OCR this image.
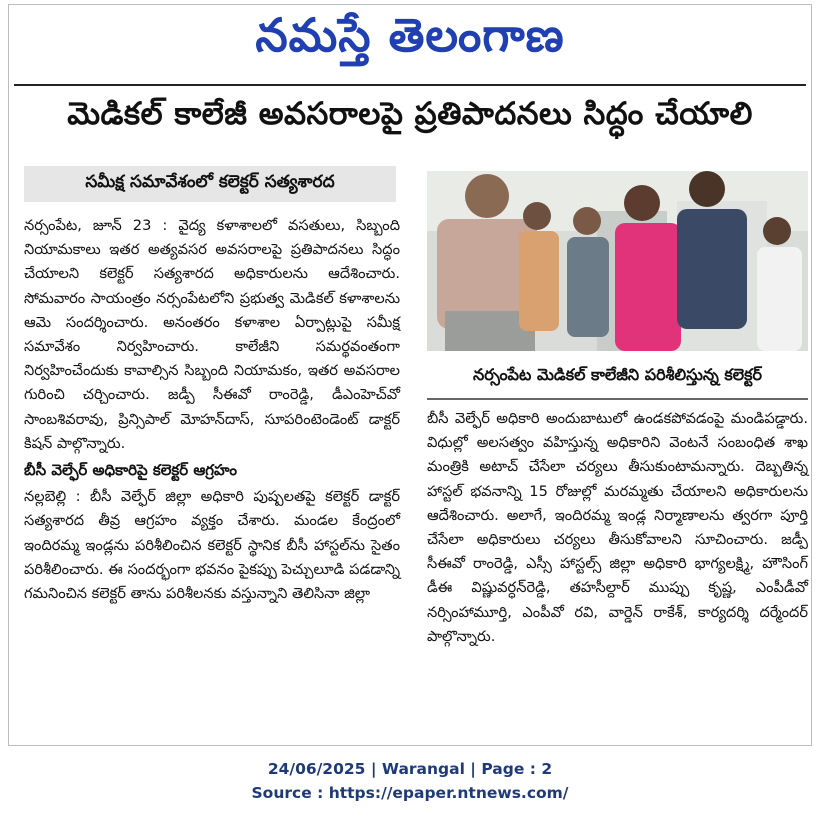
నమస్తే తెలంగాణ
మెడికల్ కాలేజీ అవసరాలపై ప్రతిపాదనలు సిద్ధం చేయాలి
సమీక్ష సమావేశంలో కలెక్టర్ సత్యశారద

నర్సంపేట, జూన్ 23 : వైద్య కళాశాలలో వసతులు, సిబ్బంది నియామకాలు ఇతర అత్యవసర అవసరాలపై ప్రతిపాదనలు సిద్ధం చేయాలని కలెక్టర్ సత్యశారద అధికారులను ఆదేశించారు. సోమవారం సాయంత్రం నర్సంపేటలోని ప్రభుత్వ మెడికల్ కళాశాలను ఆమె సందర్శించారు. అనంతరం కళాశాల ఏర్పాట్లుపై సమీక్ష సమావేశం నిర్వహించారు. కాలేజీని సమర్థవంతంగా నిర్వహించేందుకు కావాల్సిన సిబ్బంది నియామకం, ఇతర అవసరాల గురించి చర్చించారు. జడ్పీ సీఈవో రాంరెడ్డి, డీఎంహెచ్‌వో సాంబశివరావు, ప్రిన్సిపాల్ మోహన్‌దాస్, సూపరింటెండెంట్ డాక్టర్ కిషన్ పాల్గొన్నారు.

బీసీ వెల్ఫేర్ అధికారిపై కలెక్టర్ ఆగ్రహం

నల్లబెల్లి : బీసీ వెల్ఫేర్ జిల్లా అధికారి పుష్పలతపై కలెక్టర్ డాక్టర్ సత్యశారద తీవ్ర ఆగ్రహం వ్యక్తం చేశారు. మండల కేంద్రంలో ఇందిరమ్మ ఇండ్లను పరిశీలించిన కలెక్టర్ స్థానిక బీసీ హాస్టల్‌ను సైతం పరిశీలించారు. ఈ సందర్భంగా భవనం పైకప్పు పెచ్చులూడి పడడాన్ని గమనించిన కలెక్టర్ తాను పరిశీలనకు వస్తున్నాని తెలిసినా జిల్లా

నర్సంపేట మెడికల్ కాలేజీని పరిశీలిస్తున్న కలెక్టర్

బీసీ వెల్ఫేర్ అధికారి అందుబాటులో ఉండకపోవడంపై మండిపడ్డారు. విధుల్లో అలసత్వం వహిస్తున్న అధికారిని వెంటనే సంబంధిత శాఖ మంత్రికి అటాచ్ చేసేలా చర్యలు తీసుకుంటామన్నారు. దెబ్బతిన్న హాస్టల్ భవనాన్ని 15 రోజుల్లో మరమ్మతు చేయాలని అధికారులను ఆదేశించారు. అలాగే, ఇందిరమ్మ ఇండ్ల నిర్మాణాలను త్వరగా పూర్తి చేసేలా అధికారులు చర్యలు తీసుకోవాలని సూచించారు. జడ్పీ సీఈవో రాంరెడ్డి, ఎస్సీ హాస్టల్స్ జిల్లా అధికారి భాగ్యలక్ష్మి, హౌసింగ్ డీఈ విష్ణువర్ధన్‌రెడ్డి, తహసీల్దార్ ముప్పు కృష్ణ, ఎంపీడీవో నర్సింహామూర్తి, ఎంపీవో రవి, వార్డెన్ రాకేశ్, కార్యదర్శి దర్మేందర్ పాల్గొన్నారు.

24/06/2025 | Warangal | Page : 2
Source : https://epaper.ntnews.com/
